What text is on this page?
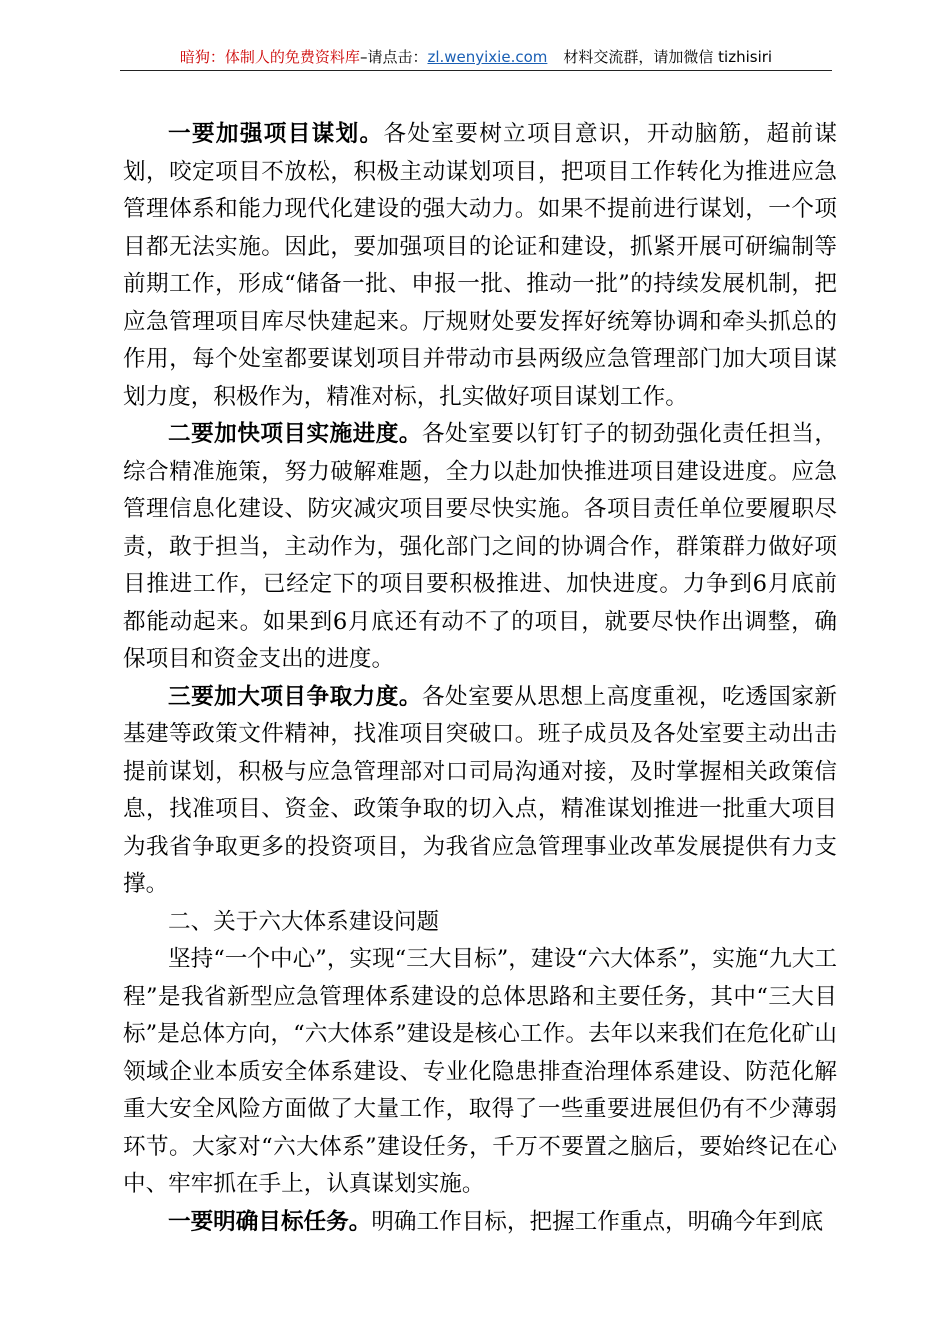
暗狗：体制人的免费资料库–请点击：zl.wenyixie.com 材料交流群，请加微信 tizhisiri

一要加强项目谋划。各处室要树立项目意识，开动脑筋，超前谋划，咬定项目不放松，积极主动谋划项目，把项目工作转化为推进应急管理体系和能力现代化建设的强大动力。如果不提前进行谋划，一个项目都无法实施。因此，要加强项目的论证和建设，抓紧开展可研编制等前期工作，形成“储备一批、申报一批、推动一批”的持续发展机制，把应急管理项目库尽快建起来。厅规财处要发挥好统筹协调和牵头抓总的作用，每个处室都要谋划项目并带动市县两级应急管理部门加大项目谋划力度，积极作为，精准对标，扎实做好项目谋划工作。

二要加快项目实施进度。各处室要以钉钉子的韧劲强化责任担当，综合精准施策，努力破解难题，全力以赴加快推进项目建设进度。应急管理信息化建设、防灾减灾项目要尽快实施。各项目责任单位要履职尽责，敢于担当，主动作为，强化部门之间的协调合作，群策群力做好项目推进工作，已经定下的项目要积极推进、加快进度。力争到6月底前都能动起来。如果到6月底还有动不了的项目，就要尽快作出调整，确保项目和资金支出的进度。

三要加大项目争取力度。各处室要从思想上高度重视，吃透国家新基建等政策文件精神，找准项目突破口。班子成员及各处室要主动出击提前谋划，积极与应急管理部对口司局沟通对接，及时掌握相关政策信息，找准项目、资金、政策争取的切入点，精准谋划推进一批重大项目为我省争取更多的投资项目，为我省应急管理事业改革发展提供有力支撑。

二、关于六大体系建设问题

坚持“一个中心”，实现“三大目标”，建设“六大体系”，实施“九大工程”是我省新型应急管理体系建设的总体思路和主要任务，其中“三大目标”是总体方向，“六大体系”建设是核心工作。去年以来我们在危化矿山领域企业本质安全体系建设、专业化隐患排查治理体系建设、防范化解重大安全风险方面做了大量工作，取得了一些重要进展但仍有不少薄弱环节。大家对“六大体系”建设任务，千万不要置之脑后，要始终记在心中、牢牢抓在手上，认真谋划实施。

一要明确目标任务。明确工作目标，把握工作重点，明确今年到底
